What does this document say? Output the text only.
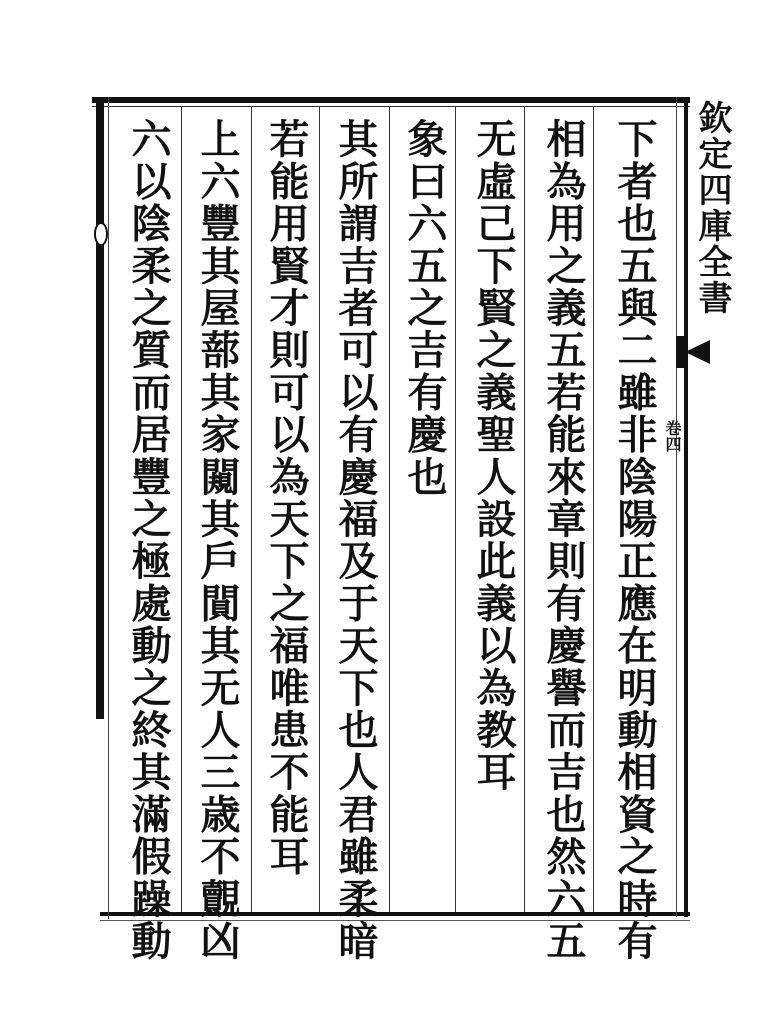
欽定四庫全書
卷四
下者也五與二雖非陰陽正應在明動相資之時有
相為用之義五若能來章則有慶譽而吉也然六五
无虛己下賢之義聖人設此義以為教耳
象曰六五之吉有慶也
其所謂吉者可以有慶福及于天下也人君雖柔暗
若能用賢才則可以為天下之福唯患不能耳
上六豐其屋蔀其家闚其戶閴其无人三歳不覿凶
六以陰柔之質而居豐之極處動之終其滿假躁動
